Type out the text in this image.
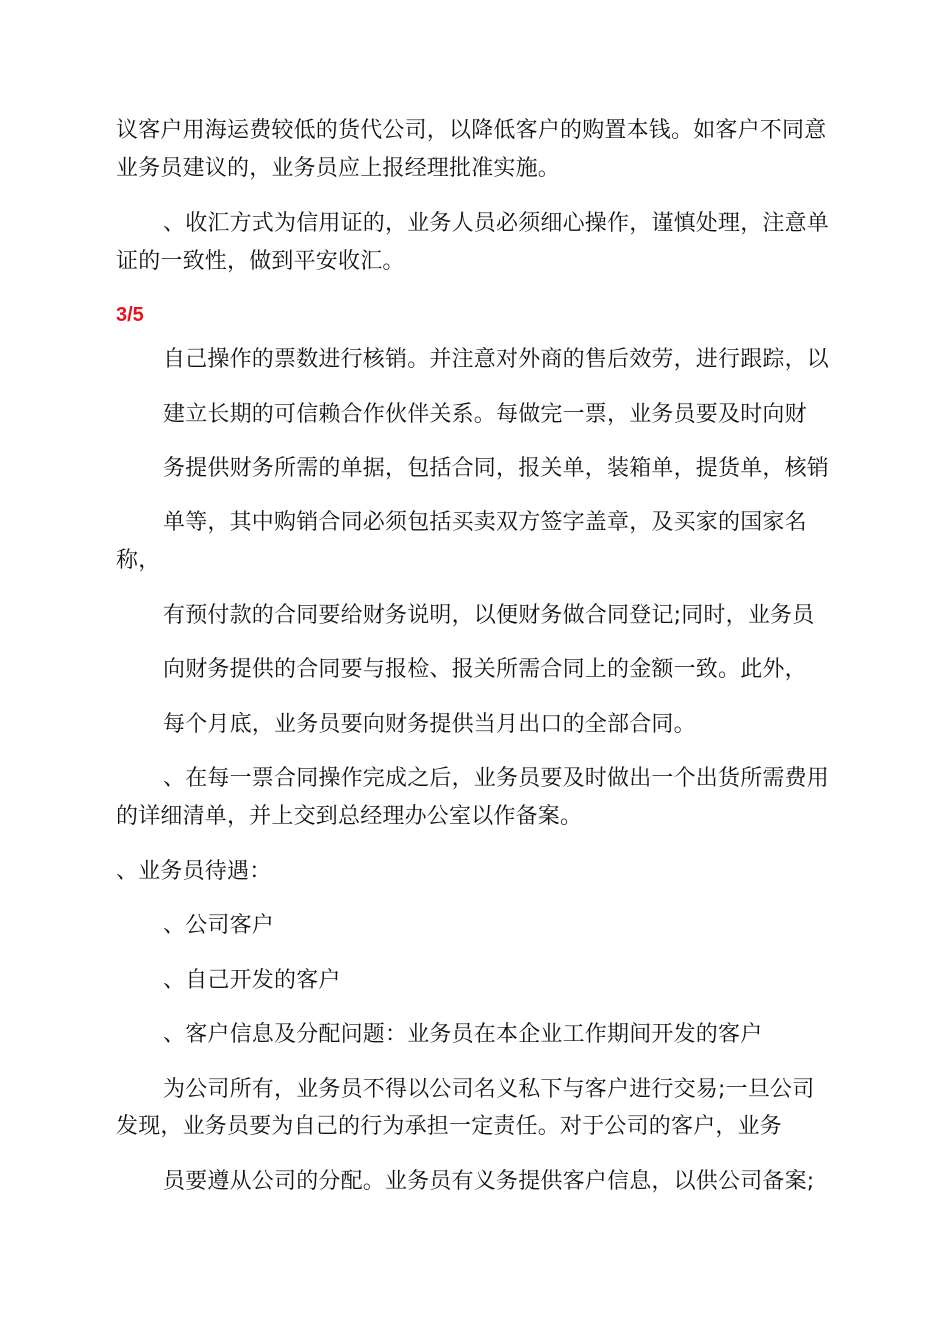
议客户用海运费较低的货代公司，以降低客户的购置本钱。如客户不同意
业务员建议的，业务员应上报经理批准实施。
、收汇方式为信用证的，业务人员必须细心操作，谨慎处理，注意单
证的一致性，做到平安收汇。
3/5
自己操作的票数进行核销。并注意对外商的售后效劳，进行跟踪，以
建立长期的可信赖合作伙伴关系。每做完一票，业务员要及时向财
务提供财务所需的单据，包括合同，报关单，装箱单，提货单，核销
单等，其中购销合同必须包括买卖双方签字盖章，及买家的国家名
称，
有预付款的合同要给财务说明，以便财务做合同登记;同时，业务员
向财务提供的合同要与报检、报关所需合同上的金额一致。此外，
每个月底，业务员要向财务提供当月出口的全部合同。
、在每一票合同操作完成之后，业务员要及时做出一个出货所需费用
的详细清单，并上交到总经理办公室以作备案。
、业务员待遇：
、公司客户
、自己开发的客户
、客户信息及分配问题：业务员在本企业工作期间开发的客户
为公司所有，业务员不得以公司名义私下与客户进行交易;一旦公司
发现，业务员要为自己的行为承担一定责任。对于公司的客户，业务
员要遵从公司的分配。业务员有义务提供客户信息，以供公司备案;
